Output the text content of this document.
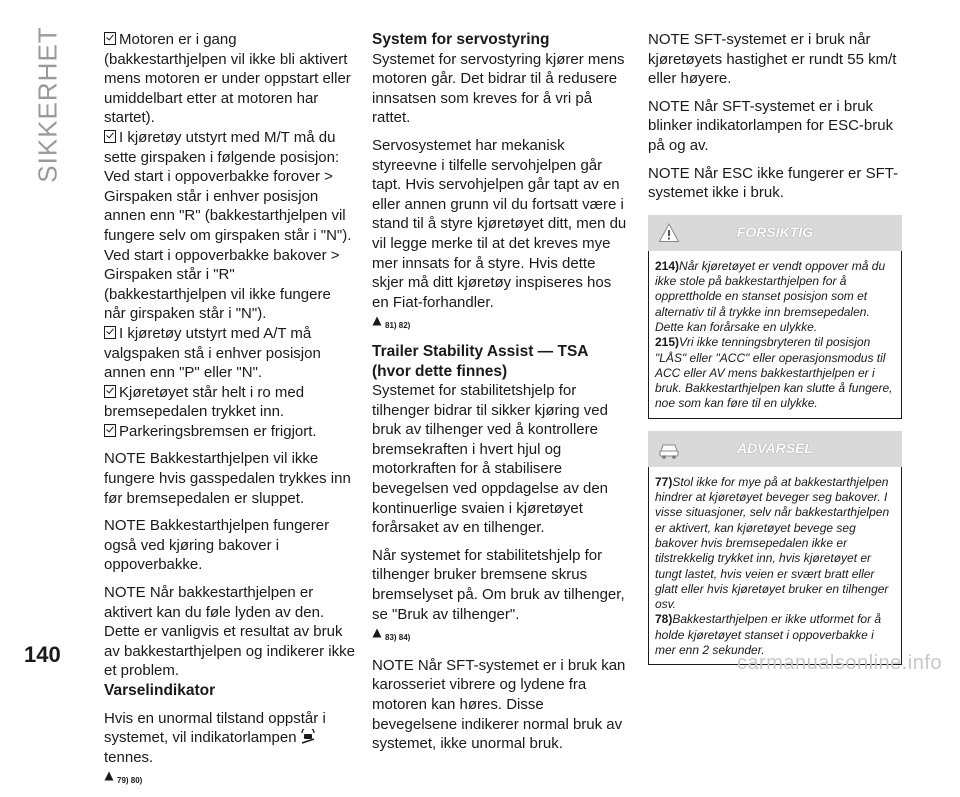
SIKKERHET
140

Motoren er i gang (bakkestarthjelpen vil ikke bli aktivert mens motoren er under oppstart eller umiddelbart etter at motoren har startet).

I kjøretøy utstyrt med M/T må du sette girspaken i følgende posisjon: Ved start i oppoverbakke forover > Girspaken står i enhver posisjon annen enn "R" (bakkestarthjelpen vil fungere selv om girspaken står i "N"). Ved start i oppoverbakke bakover > Girspaken står i "R" (bakkestarthjelpen vil ikke fungere når girspaken står i "N").

I kjøretøy utstyrt med A/T må valgspaken stå i enhver posisjon annen enn "P" eller "N".

Kjøretøyet står helt i ro med bremsepedalen trykket inn.

Parkeringsbremsen er frigjort.

NOTE Bakkestarthjelpen vil ikke fungere hvis gasspedalen trykkes inn før bremsepedalen er sluppet.

NOTE Bakkestarthjelpen fungerer også ved kjøring bakover i oppoverbakke.

NOTE Når bakkestarthjelpen er aktivert kan du føle lyden av den. Dette er vanligvis et resultat av bruk av bakkestarthjelpen og indikerer ikke et problem.

Varselindikator

Hvis en unormal tilstand oppstår i systemet, vil indikatorlampen tennes.

79) 80)

System for servostyring

Systemet for servostyring kjører mens motoren går. Det bidrar til å redusere innsatsen som kreves for å vri på rattet.

Servosystemet har mekanisk styreevne i tilfelle servohjelpen går tapt. Hvis servohjelpen går tapt av en eller annen grunn vil du fortsatt være i stand til å styre kjøretøyet ditt, men du vil legge merke til at det kreves mye mer innsats for å styre. Hvis dette skjer må ditt kjøretøy inspiseres hos en Fiat-forhandler.

81) 82)

Trailer Stability Assist — TSA (hvor dette finnes)

Systemet for stabilitetshjelp for tilhenger bidrar til sikker kjøring ved bruk av tilhenger ved å kontrollere bremsekraften i hvert hjul og motorkraften for å stabilisere bevegelsen ved oppdagelse av den kontinuerlige svaien i kjøretøyet forårsaket av en tilhenger.

Når systemet for stabilitetshjelp for tilhenger bruker bremsene skrus bremselyset på. Om bruk av tilhenger, se "Bruk av tilhenger".

83) 84)

NOTE Når SFT-systemet er i bruk kan karosseriet vibrere og lydene fra motoren kan høres. Disse bevegelsene indikerer normal bruk av systemet, ikke unormal bruk.

NOTE SFT-systemet er i bruk når kjøretøyets hastighet er rundt 55 km/t eller høyere.

NOTE Når SFT-systemet er i bruk blinker indikatorlampen for ESC-bruk på og av.

NOTE Når ESC ikke fungerer er SFT-systemet ikke i bruk.

FORSIKTIG

214)Når kjøretøyet er vendt oppover må du ikke stole på bakkestarthjelpen for å opprettholde en stanset posisjon som et alternativ til å trykke inn bremsepedalen. Dette kan forårsake en ulykke.

215)Vri ikke tenningsbryteren til posisjon "LÅS" eller "ACC" eller operasjonsmodus til ACC eller AV mens bakkestarthjelpen er i bruk. Bakkestarthjelpen kan slutte å fungere, noe som kan føre til en ulykke.

ADVARSEL

77)Stol ikke for mye på at bakkestarthjelpen hindrer at kjøretøyet beveger seg bakover. I visse situasjoner, selv når bakkestarthjelpen er aktivert, kan kjøretøyet bevege seg bakover hvis bremsepedalen ikke er tilstrekkelig trykket inn, hvis kjøretøyet er tungt lastet, hvis veien er svært bratt eller glatt eller hvis kjøretøyet bruker en tilhenger osv.

78)Bakkestarthjelpen er ikke utformet for å holde kjøretøyet stanset i oppoverbakke i mer enn 2 sekunder.

carmanualsonline.info
